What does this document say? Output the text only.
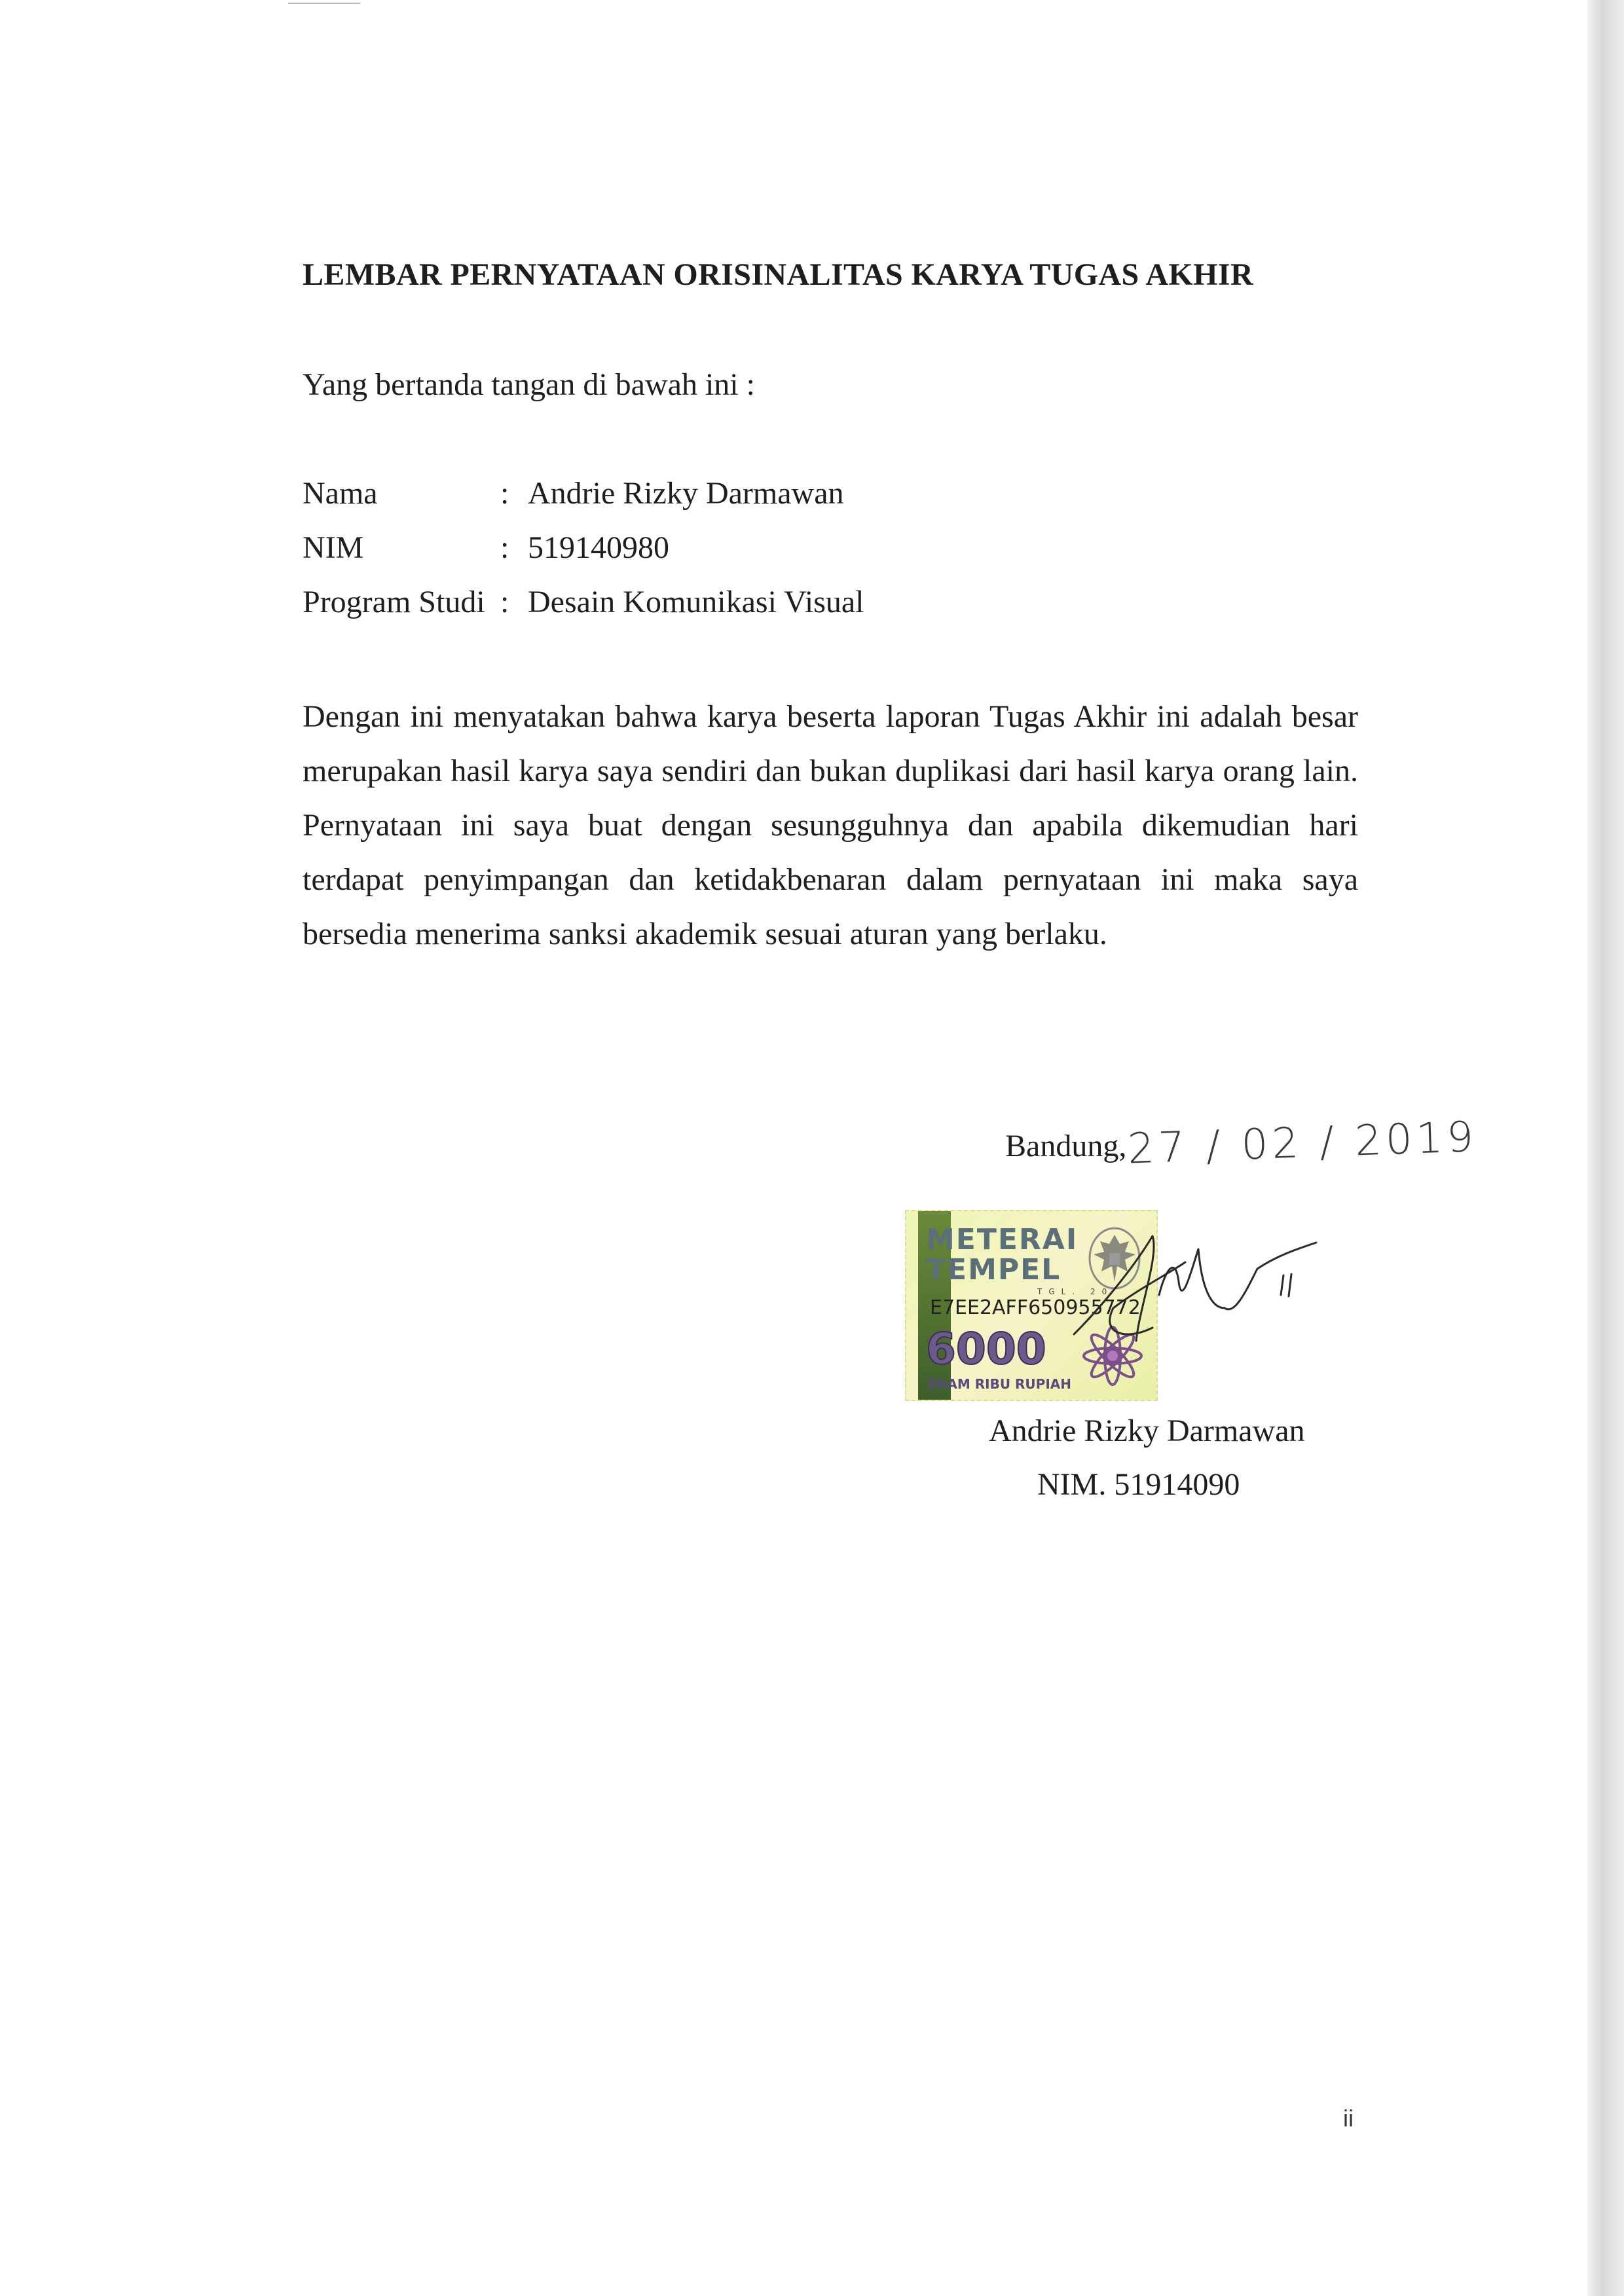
LEMBAR PERNYATAAN ORISINALITAS KARYA TUGAS AKHIR
Yang bertanda tangan di bawah ini :
Nama	: Andrie Rizky Darmawan
NIM	: 519140980
Program Studi : Desain Komunikasi Visual
Dengan ini menyatakan bahwa karya beserta laporan Tugas Akhir ini adalah besar merupakan hasil karya saya sendiri dan bukan duplikasi dari hasil karya orang lain. Pernyataan ini saya buat dengan sesungguhnya dan apabila dikemudian hari terdapat penyimpangan dan ketidakbenaran dalam pernyataan ini maka saya bersedia menerima sanksi akademik sesuai aturan yang berlaku.
Bandung, 27 / 02 / 2019
METERAI
TEMPEL
TGL. 20
E7EE2AFF650955772
6000
ENAM RIBU RUPIAH
Andrie Rizky Darmawan
NIM. 51914090
ii
